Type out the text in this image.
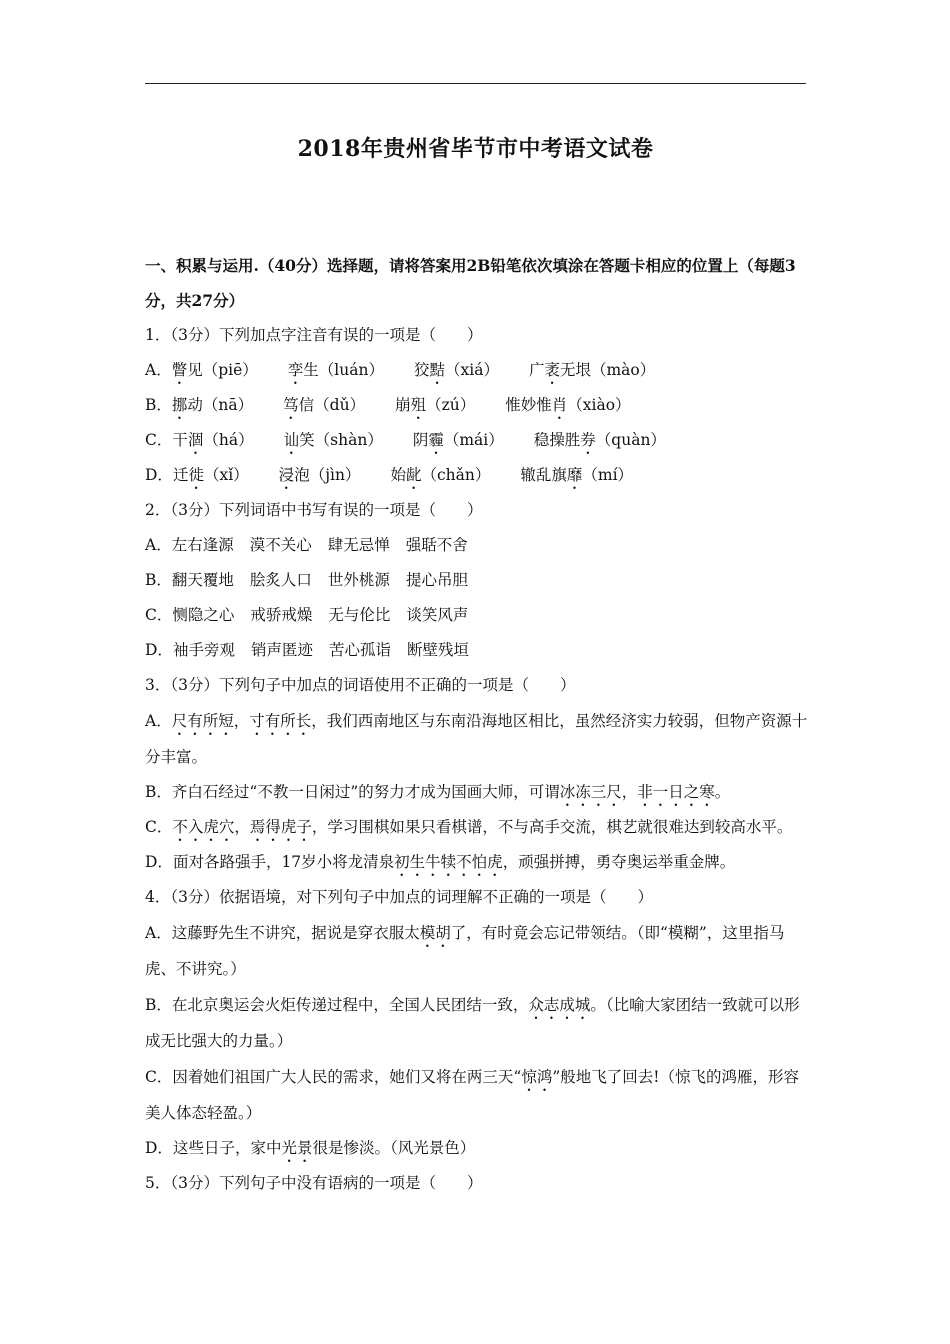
2018年贵州省毕节市中考语文试卷
一、积累与运用.（40分）选择题，请将答案用2B铅笔依次填涂在答题卡相应的位置上（每题3分，共27分）
1．（3分）下列加点字注音有误的一项是（　　）
A．瞥见（piē） 孪生（luán） 狡黠（xiá） 广袤无垠（mào）
B．挪动（nā） 笃信（dǔ） 崩殂（zú） 惟妙惟肖（xiào）
C．干涸（há） 讪笑（shàn） 阴霾（mái） 稳操胜券（quàn）
D．迁徙（xǐ） 浸泡（jìn） 始龀（chǎn） 辙乱旗靡（mí）
2．（3分）下列词语中书写有误的一项是（　　）
A．左右逢源 漠不关心 肆无忌惮 强聒不舍
B．翻天覆地 脍炙人口 世外桃源 提心吊胆
C．恻隐之心 戒骄戒燥 无与伦比 谈笑风声
D．袖手旁观 销声匿迹 苦心孤诣 断壁残垣
3．（3分）下列句子中加点的词语使用不正确的一项是（　　）
A．尺有所短，寸有所长，我们西南地区与东南沿海地区相比，虽然经济实力较弱，但物产资源十分丰富。
B．齐白石经过“不教一日闲过”的努力才成为国画大师，可谓冰冻三尺，非一日之寒。
C．不入虎穴，焉得虎子，学习围棋如果只看棋谱，不与高手交流，棋艺就很难达到较高水平。
D．面对各路强手，17岁小将龙清泉初生牛犊不怕虎，顽强拼搏，勇夺奥运举重金牌。
4．（3分）依据语境，对下列句子中加点的词理解不正确的一项是（　　）
A．这藤野先生不讲究，据说是穿衣服太模胡了，有时竟会忘记带领结。（即“模糊”，这里指马虎、不讲究。）
B．在北京奥运会火炬传递过程中，全国人民团结一致，众志成城。（比喻大家团结一致就可以形成无比强大的力量。）
C．因着她们祖国广大人民的需求，她们又将在两三天“惊鸿”般地飞了回去!（惊飞的鸿雁，形容美人体态轻盈。）
D．这些日子，家中光景很是惨淡。（风光景色）
5．（3分）下列句子中没有语病的一项是（　　）
